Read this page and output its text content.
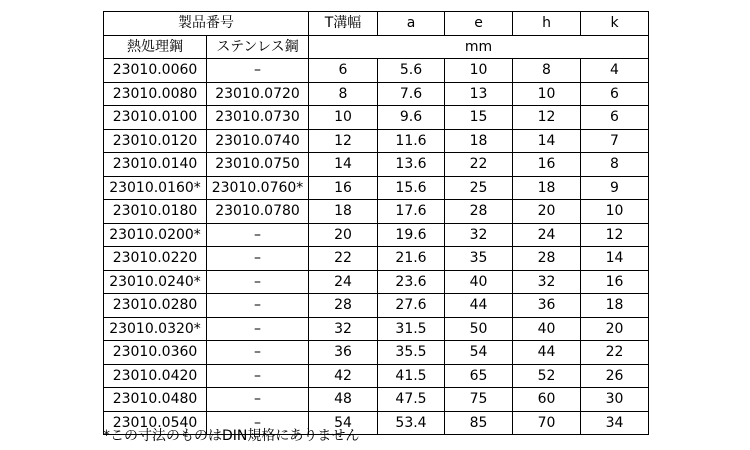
製品番号		T溝幅	a	e	h	k
熱処理鋼	ステンレス鋼	mm				
23010.0060	–	6	5.6	10	8	4
23010.0080	23010.0720	8	7.6	13	10	6
23010.0100	23010.0730	10	9.6	15	12	6
23010.0120	23010.0740	12	11.6	18	14	7
23010.0140	23010.0750	14	13.6	22	16	8
23010.0160*	23010.0760*	16	15.6	25	18	9
23010.0180	23010.0780	18	17.6	28	20	10
23010.0200*	–	20	19.6	32	24	12
23010.0220	–	22	21.6	35	28	14
23010.0240*	–	24	23.6	40	32	16
23010.0280	–	28	27.6	44	36	18
23010.0320*	–	32	31.5	50	40	20
23010.0360	–	36	35.5	54	44	22
23010.0420	–	42	41.5	65	52	26
23010.0480	–	48	47.5	75	60	30
23010.0540	–	54	53.4	85	70	34
*この寸法のものはDIN規格にありません
